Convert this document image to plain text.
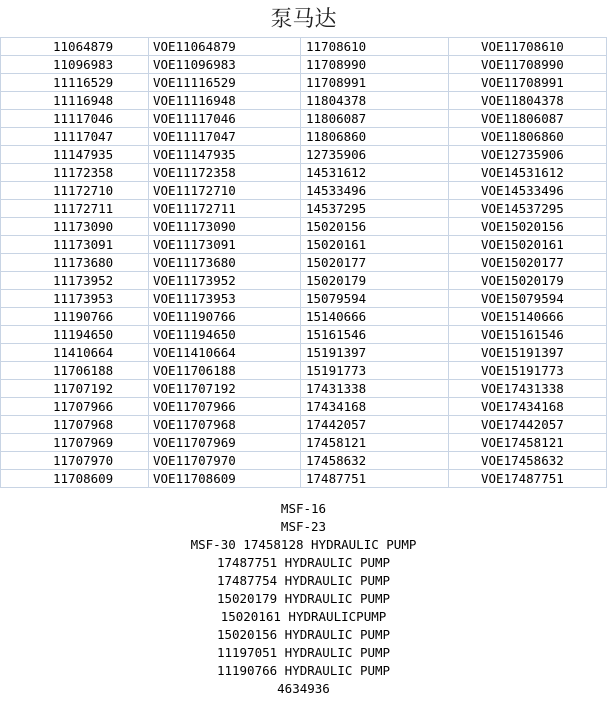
泵马达
11064879	VOE11064879	11708610	VOE11708610
11096983	VOE11096983	11708990	VOE11708990
11116529	VOE11116529	11708991	VOE11708991
11116948	VOE11116948	11804378	VOE11804378
11117046	VOE11117046	11806087	VOE11806087
11117047	VOE11117047	11806860	VOE11806860
11147935	VOE11147935	12735906	VOE12735906
11172358	VOE11172358	14531612	VOE14531612
11172710	VOE11172710	14533496	VOE14533496
11172711	VOE11172711	14537295	VOE14537295
11173090	VOE11173090	15020156	VOE15020156
11173091	VOE11173091	15020161	VOE15020161
11173680	VOE11173680	15020177	VOE15020177
11173952	VOE11173952	15020179	VOE15020179
11173953	VOE11173953	15079594	VOE15079594
11190766	VOE11190766	15140666	VOE15140666
11194650	VOE11194650	15161546	VOE15161546
11410664	VOE11410664	15191397	VOE15191397
11706188	VOE11706188	15191773	VOE15191773
11707192	VOE11707192	17431338	VOE17431338
11707966	VOE11707966	17434168	VOE17434168
11707968	VOE11707968	17442057	VOE17442057
11707969	VOE11707969	17458121	VOE17458121
11707970	VOE11707970	17458632	VOE17458632
11708609	VOE11708609	17487751	VOE17487751
MSF-16
MSF-23
MSF-30 17458128 HYDRAULIC PUMP
17487751 HYDRAULIC PUMP
17487754 HYDRAULIC PUMP
15020179 HYDRAULIC PUMP
15020161 HYDRAULICPUMP
15020156 HYDRAULIC PUMP
11197051 HYDRAULIC PUMP
11190766 HYDRAULIC PUMP
4634936
